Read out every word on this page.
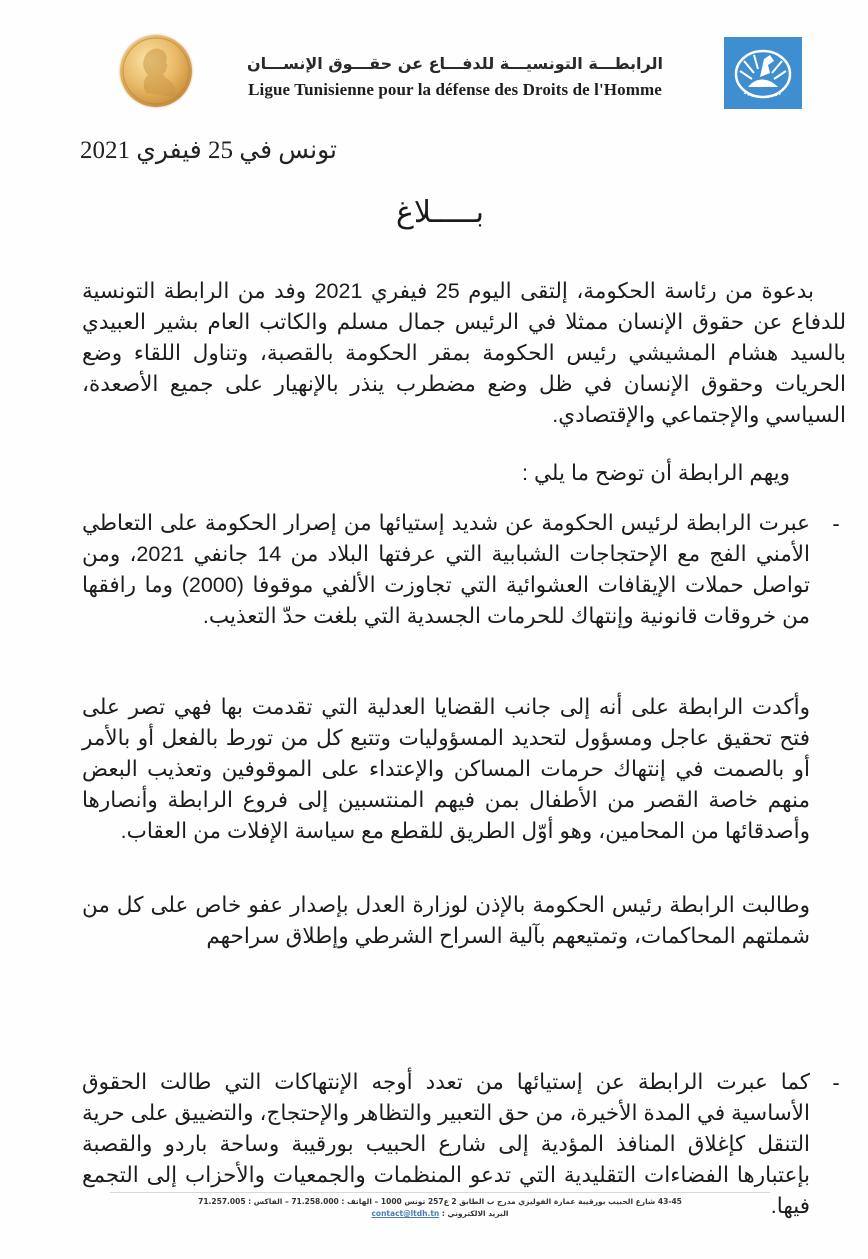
الرابطـــة التونسيـــة للدفـــاع عن حقـــوق الإنســـان
Ligue Tunisienne pour la défense des Droits de l'Homme
تونس في 25 فيفري 2021
بـــــلاغ
بدعوة من رئاسة الحكومة، إلتقى اليوم 25 فيفري 2021 وفد من الرابطة التونسية للدفاع عن حقوق الإنسان ممثلا في الرئيس جمال مسلم والكاتب العام بشير العبيدي بالسيد هشام المشيشي رئيس الحكومة بمقر الحكومة بالقصبة، وتناول اللقاء وضع الحريات وحقوق الإنسان في ظل وضع مضطرب ينذر بالإنهيار على جميع الأصعدة، السياسي والإجتماعي والإقتصادي.
ويهم الرابطة أن توضح ما يلي :
-
عبرت الرابطة لرئيس الحكومة عن شديد إستيائها من إصرار الحكومة على التعاطي الأمني الفج مع الإحتجاجات الشبابية التي عرفتها البلاد من 14 جانفي 2021، ومن تواصل حملات الإيقافات العشوائية التي تجاوزت الألفي موقوفا (2000) وما رافقها من خروقات قانونية وإنتهاك للحرمات الجسدية التي بلغت حدّ التعذيب.
وأكدت الرابطة على أنه إلى جانب القضايا العدلية التي تقدمت بها فهي تصر على فتح تحقيق عاجل ومسؤول لتحديد المسؤوليات وتتبع كل من تورط بالفعل أو بالأمر أو بالصمت في إنتهاك حرمات المساكن والإعتداء على الموقوفين وتعذيب البعض منهم خاصة القصر من الأطفال بمن فيهم المنتسبين إلى فروع الرابطة وأنصارها وأصدقائها من المحامين، وهو أوّل الطريق للقطع مع سياسة الإفلات من العقاب.
وطالبت الرابطة رئيس الحكومة بالإذن لوزارة العدل بإصدار عفو خاص على كل من شملتهم المحاكمات، وتمتيعهم بآلية السراح الشرطي وإطلاق سراحهم
-
كما عبرت الرابطة عن إستيائها من تعدد أوجه الإنتهاكات التي طالت الحقوق الأساسية في المدة الأخيرة، من حق التعبير والتظاهر والإحتجاج، والتضييق على حرية التنقل كإغلاق المنافذ المؤدية إلى شارع الحبيب بورقيبة وساحة باردو والقصبة بإعتبارها الفضاءات التقليدية التي تدعو المنظمات والجمعيات والأحزاب إلى التجمع فيها.
43-45 شارع الحبيب بورقيبة عمارة الفوليزي مدرج ب الطابق 2 ع257 تونس 1000 – الهاتف : 71.258.000 – الفاكس : 71.257.005
البريد الالكتروني : contact@ltdh.tn
